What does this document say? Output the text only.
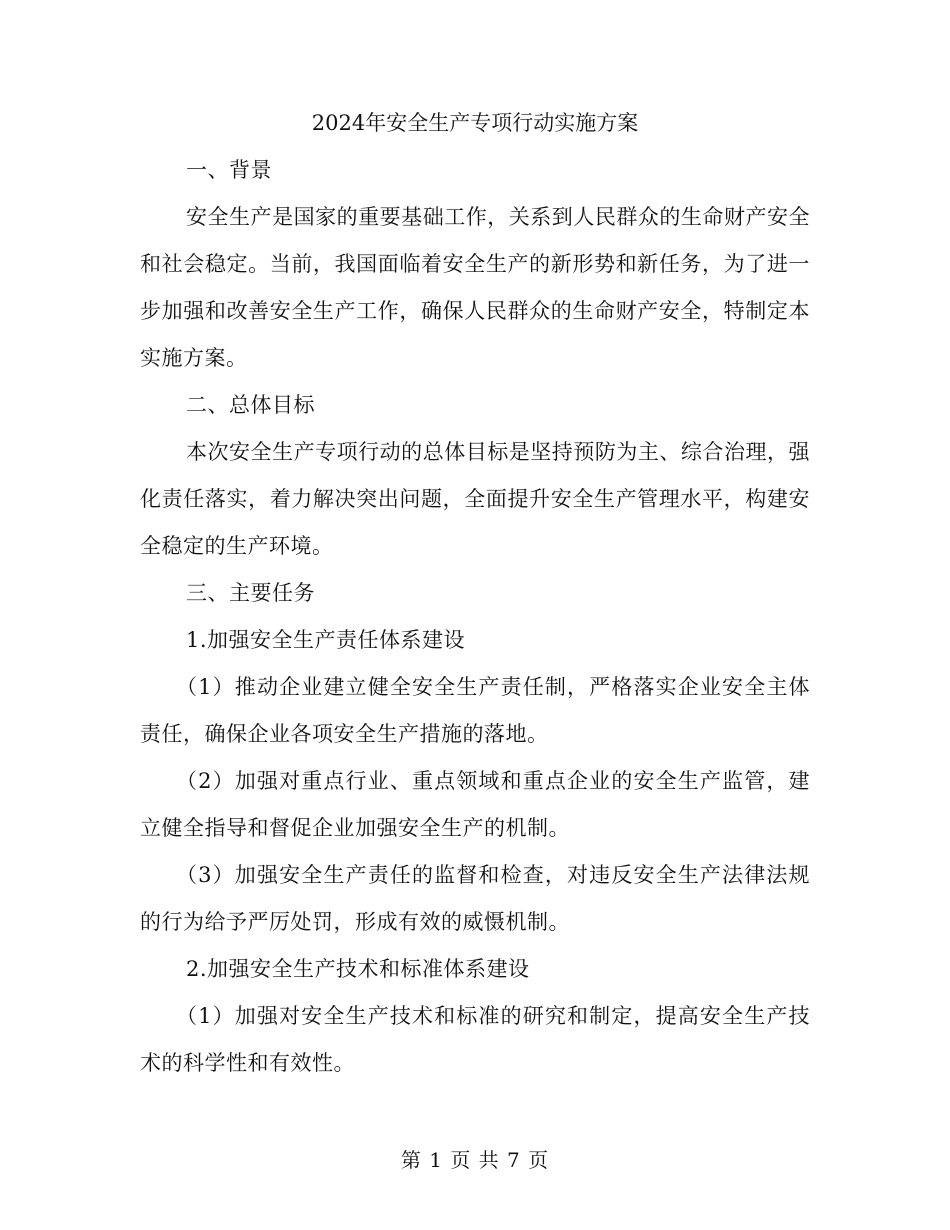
2024年安全生产专项行动实施方案

一、背景

安全生产是国家的重要基础工作，关系到人民群众的生命财产安全和社会稳定。当前，我国面临着安全生产的新形势和新任务，为了进一步加强和改善安全生产工作，确保人民群众的生命财产安全，特制定本实施方案。

二、总体目标

本次安全生产专项行动的总体目标是坚持预防为主、综合治理，强化责任落实，着力解决突出问题，全面提升安全生产管理水平，构建安全稳定的生产环境。

三、主要任务

1.加强安全生产责任体系建设

（1）推动企业建立健全安全生产责任制，严格落实企业安全主体责任，确保企业各项安全生产措施的落地。

（2）加强对重点行业、重点领域和重点企业的安全生产监管，建立健全指导和督促企业加强安全生产的机制。

（3）加强安全生产责任的监督和检查，对违反安全生产法律法规的行为给予严厉处罚，形成有效的威慑机制。

2.加强安全生产技术和标准体系建设

（1）加强对安全生产技术和标准的研究和制定，提高安全生产技术的科学性和有效性。

第 1 页 共 7 页
